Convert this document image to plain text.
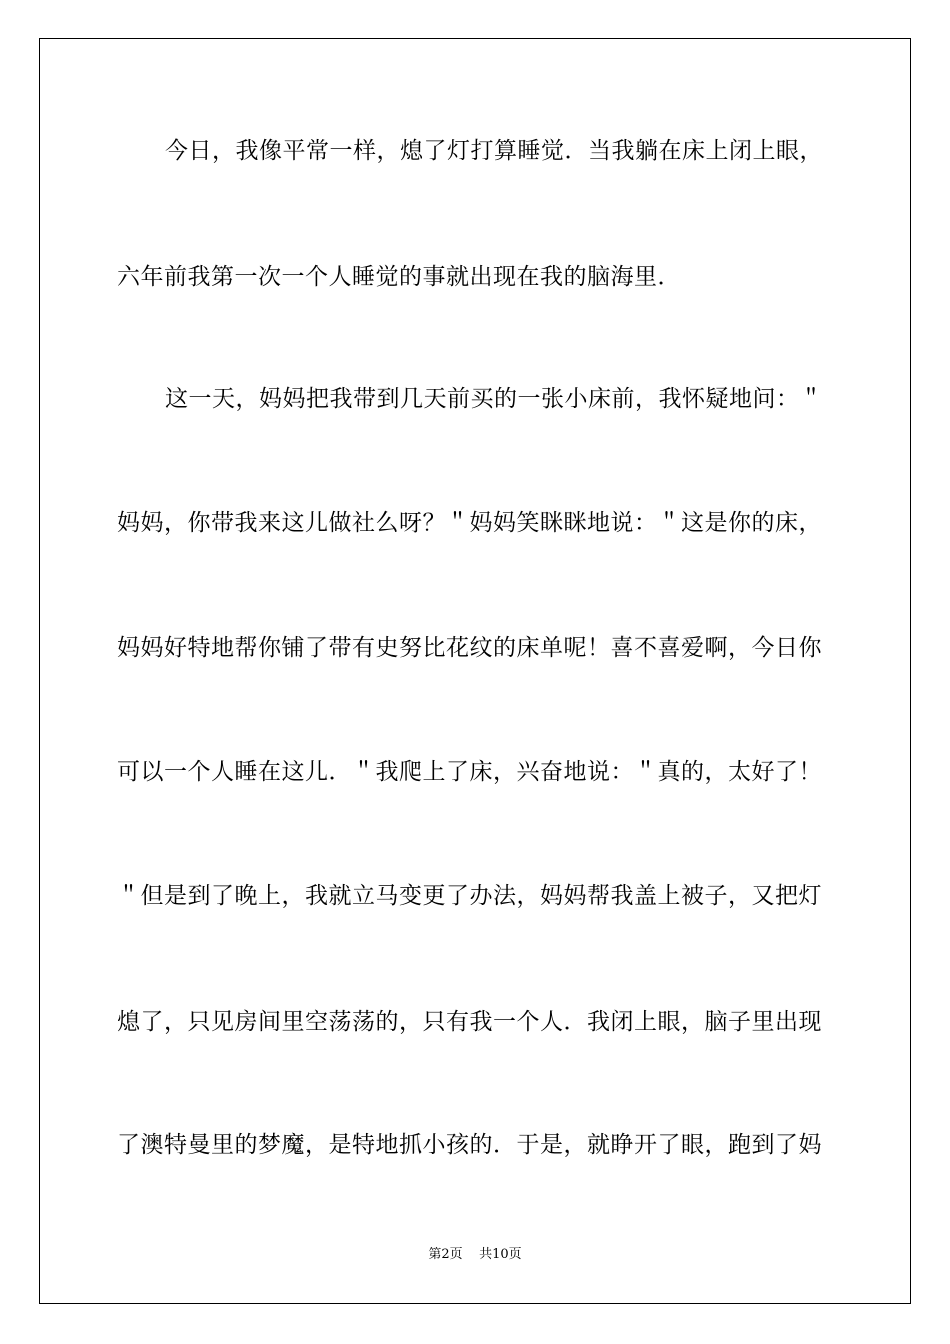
今日，我像平常一样，熄了灯打算睡觉．当我躺在床上闭上眼，
六年前我第一次一个人睡觉的事就出现在我的脑海里．
这一天，妈妈把我带到几天前买的一张小床前，我怀疑地问：＂
妈妈，你带我来这儿做社么呀？＂妈妈笑眯眯地说：＂这是你的床，
妈妈好特地帮你铺了带有史努比花纹的床单呢！喜不喜爱啊，今日你
可以一个人睡在这儿．＂我爬上了床，兴奋地说：＂真的，太好了！
＂但是到了晚上，我就立马变更了办法，妈妈帮我盖上被子，又把灯
熄了，只见房间里空荡荡的，只有我一个人．我闭上眼，脑子里出现
了澳特曼里的梦魔，是特地抓小孩的．于是，就睁开了眼，跑到了妈
第2页 共10页
